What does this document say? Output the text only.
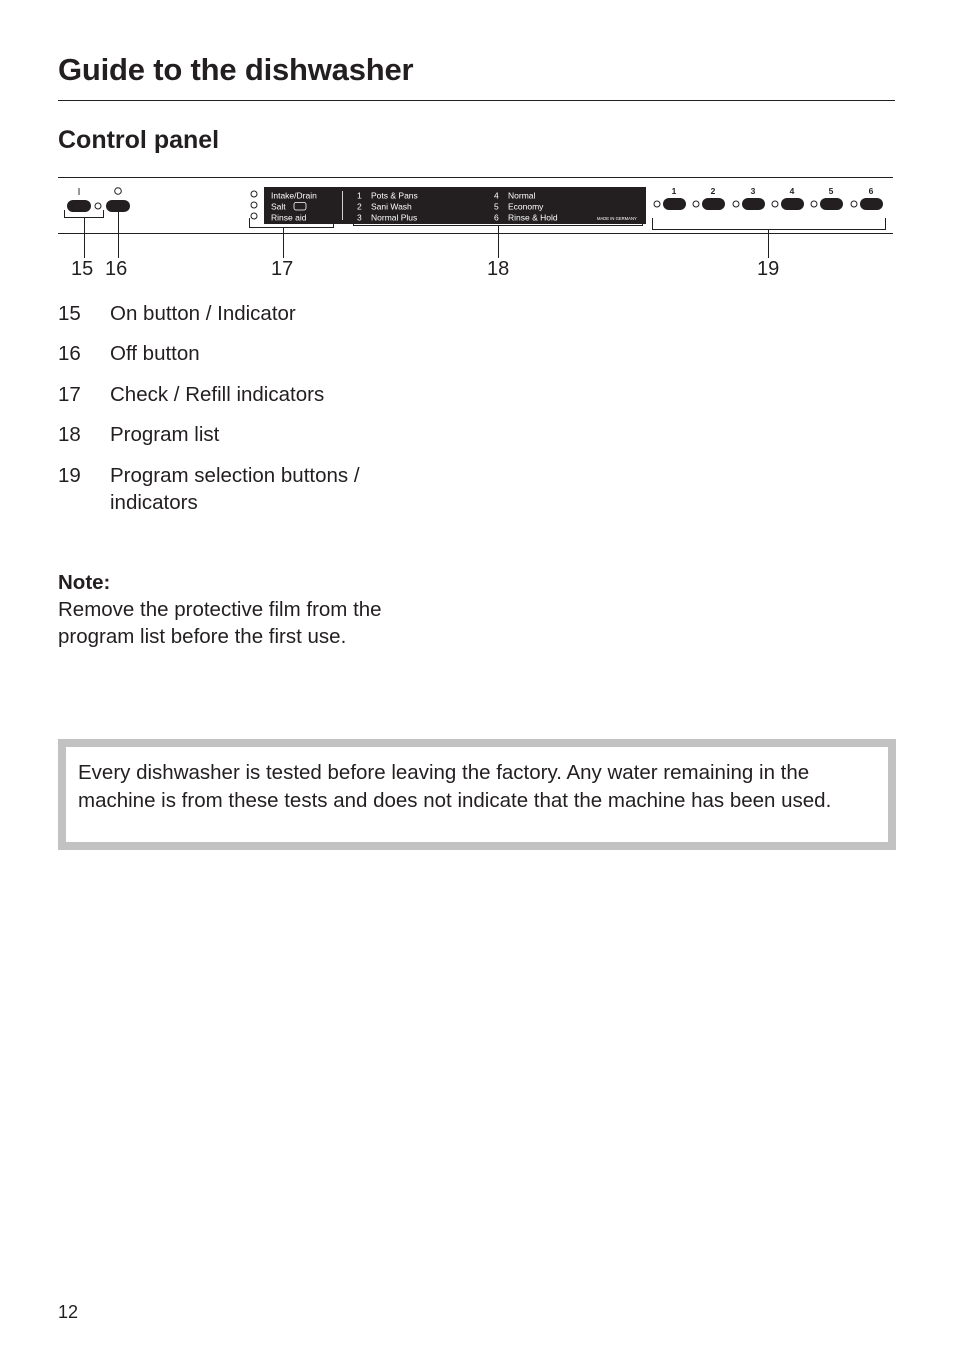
Guide to the dishwasher
Control panel
I	Intake/Drain
Salt
Rinse aid
1 Pots & Pans
2 Sani Wash
3 Normal Plus
4 Normal
5 Economy
6 Rinse & Hold	MADE IN GERMANY
1	2	3	4	5	6
15 16	17	18	19
15	On button / Indicator
16	Off button
17	Check / Refill indicators
18	Program list
19	Program selection buttons / indicators
Note:
Remove the protective film from the program list before the first use.
Every dishwasher is tested before leaving the factory. Any water remaining in the machine is from these tests and does not indicate that the machine has been used.
12
